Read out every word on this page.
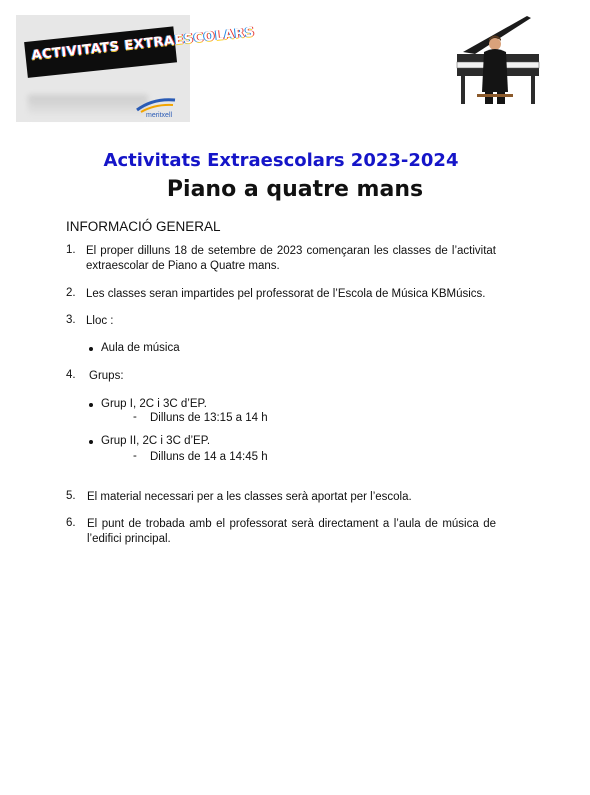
ACTIVITATS EXTRAESCOLARS
meritxell
Activitats Extraescolars 2023-2024
Piano a quatre mans

INFORMACIÓ GENERAL

1. El proper dilluns 18 de setembre de 2023 començaran les classes de l’activitat extraescolar de Piano a Quatre mans.
2. Les classes seran impartides pel professorat de l’Escola de Música KBMúsics.
3. Lloc :
Aula de música
4. Grups:
Grup I, 2C i 3C d’EP.
- Dilluns de 13:15 a 14 h
Grup II, 2C i 3C d’EP.
- Dilluns de 14 a 14:45 h
5. El material necessari per a les classes serà aportat per l’escola.
6. El punt de trobada amb el professorat serà directament a l’aula de música de l’edifici principal.
